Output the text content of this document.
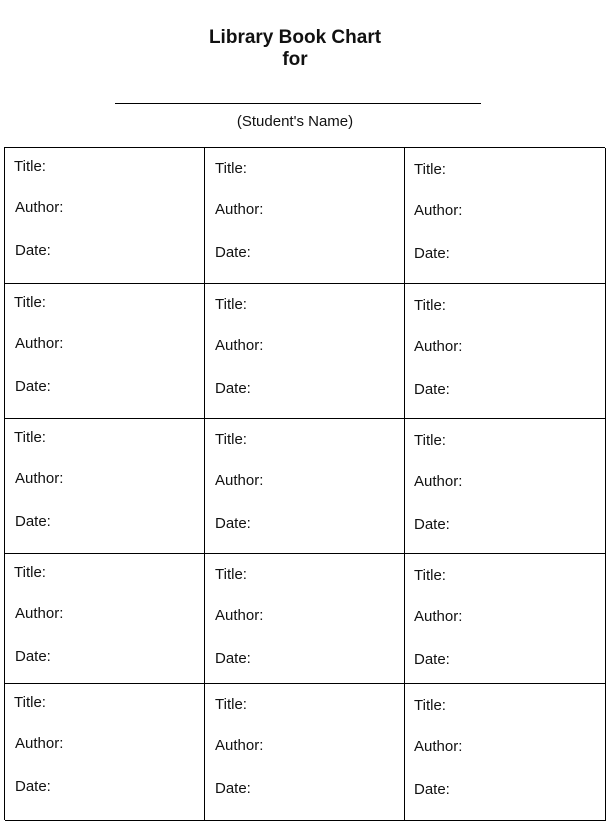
Library Book Chart
for
(Student's Name)
Title:
Author:
Date:
Title:
Author:
Date:
Title:
Author:
Date:
Title:
Author:
Date:
Title:
Author:
Date:
Title:
Author:
Date:
Title:
Author:
Date:
Title:
Author:
Date:
Title:
Author:
Date:
Title:
Author:
Date:
Title:
Author:
Date:
Title:
Author:
Date:
Title:
Author:
Date:
Title:
Author:
Date:
Title:
Author:
Date:
